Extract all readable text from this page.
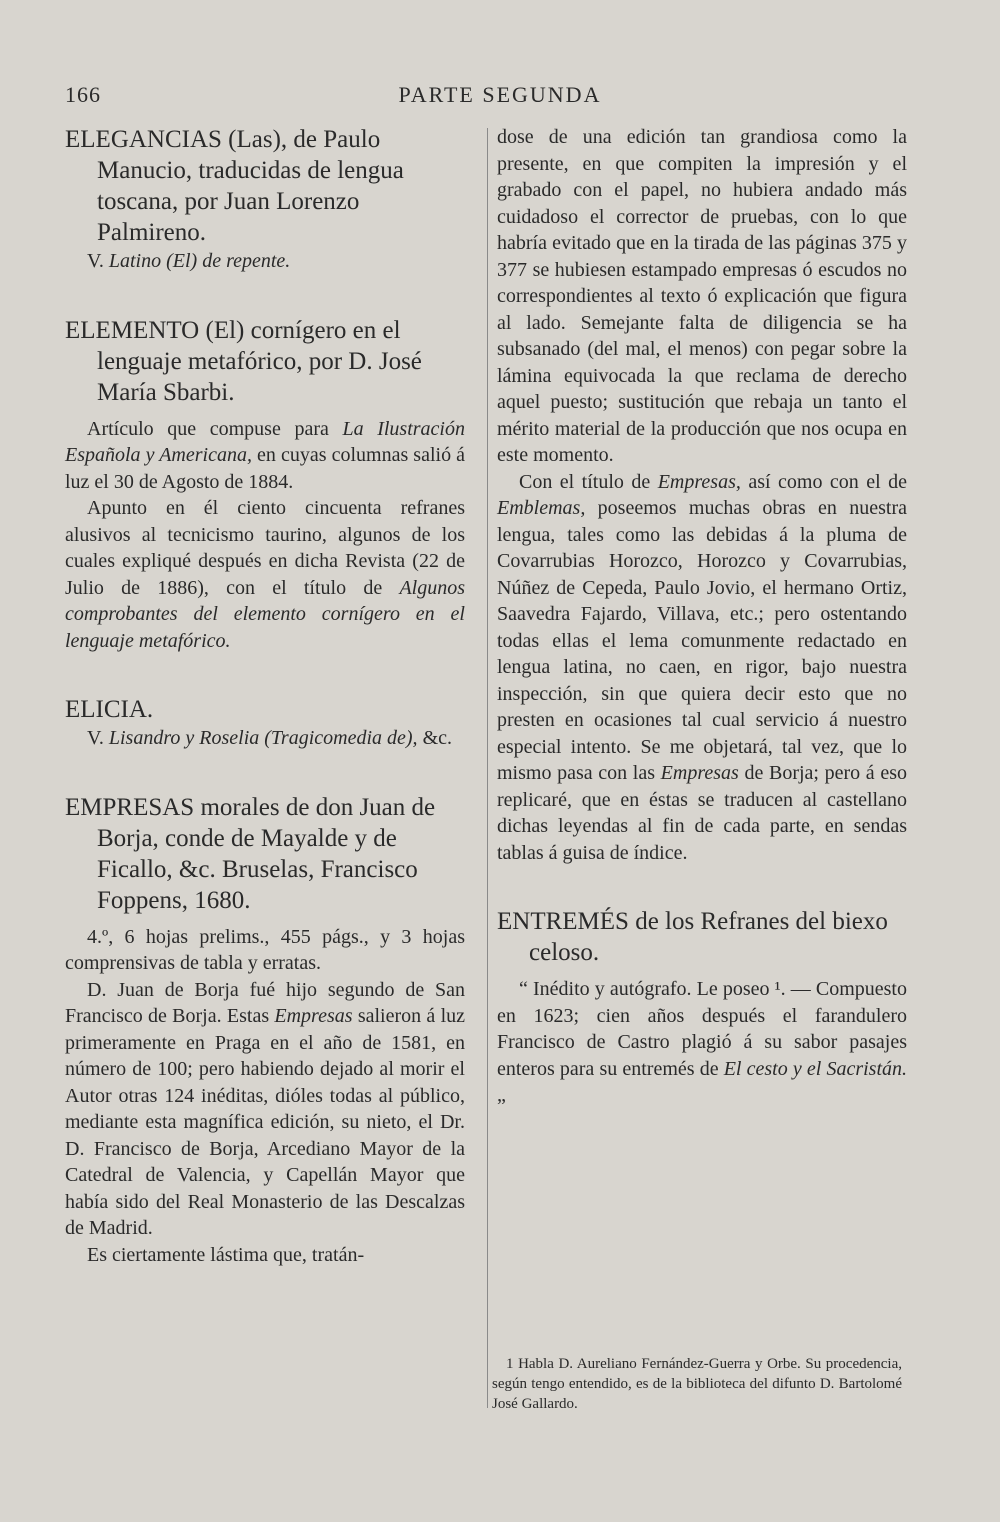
166	PARTE SEGUNDA

ELEGANCIAS (Las), de Paulo Manucio, traducidas de lengua toscana, por Juan Lorenzo Palmireno.

V. Latino (El) de repente.

ELEMENTO (El) cornígero en el lenguaje metafórico, por D. José María Sbarbi.

Artículo que compuse para La Ilustración Española y Americana, en cuyas columnas salió á luz el 30 de Agosto de 1884.

Apunto en él ciento cincuenta refranes alusivos al tecnicismo taurino, algunos de los cuales expliqué después en dicha Revista (22 de Julio de 1886), con el título de Algunos comprobantes del elemento cornígero en el lenguaje metafórico.

ELICIA.

V. Lisandro y Roselia (Tragicomedia de), &c.

EMPRESAS morales de don Juan de Borja, conde de Mayalde y de Ficallo, &c. Bruselas, Francisco Foppens, 1680.

4.º, 6 hojas prelims., 455 págs., y 3 hojas comprensivas de tabla y erratas.

D. Juan de Borja fué hijo segundo de San Francisco de Borja. Estas Empresas salieron á luz primeramente en Praga en el año de 1581, en número de 100; pero habiendo dejado al morir el Autor otras 124 inéditas, dióles todas al público, mediante esta magnífica edición, su nieto, el Dr. D. Francisco de Borja, Arcediano Mayor de la Catedral de Valencia, y Capellán Mayor que había sido del Real Monasterio de las Descalzas de Madrid.

Es ciertamente lástima que, tratán-

dose de una edición tan grandiosa como la presente, en que compiten la impresión y el grabado con el papel, no hubiera andado más cuidadoso el corrector de pruebas, con lo que habría evitado que en la tirada de las páginas 375 y 377 se hubiesen estampado empresas ó escudos no correspondientes al texto ó explicación que figura al lado. Semejante falta de diligencia se ha subsanado (del mal, el menos) con pegar sobre la lámina equivocada la que reclama de derecho aquel puesto; sustitución que rebaja un tanto el mérito material de la producción que nos ocupa en este momento.

Con el título de Empresas, así como con el de Emblemas, poseemos muchas obras en nuestra lengua, tales como las debidas á la pluma de Covarrubias Horozco, Horozco y Covarrubias, Núñez de Cepeda, Paulo Jovio, el hermano Ortiz, Saavedra Fajardo, Villava, etc.; pero ostentando todas ellas el lema comunmente redactado en lengua latina, no caen, en rigor, bajo nuestra inspección, sin que quiera decir esto que no presten en ocasiones tal cual servicio á nuestro especial intento. Se me objetará, tal vez, que lo mismo pasa con las Empresas de Borja; pero á eso replicaré, que en éstas se traducen al castellano dichas leyendas al fin de cada parte, en sendas tablas á guisa de índice.

ENTREMÉS de los Refranes del biexo celoso.

“ Inédito y autógrafo. Le poseo ¹. — Compuesto en 1623; cien años después el farandulero Francisco de Castro plagió á su sabor pasajes enteros para su entremés de El cesto y el Sacristán. „

1 Habla D. Aureliano Fernández-Guerra y Orbe. Su procedencia, según tengo entendido, es de la biblioteca del difunto D. Bartolomé José Gallardo.
